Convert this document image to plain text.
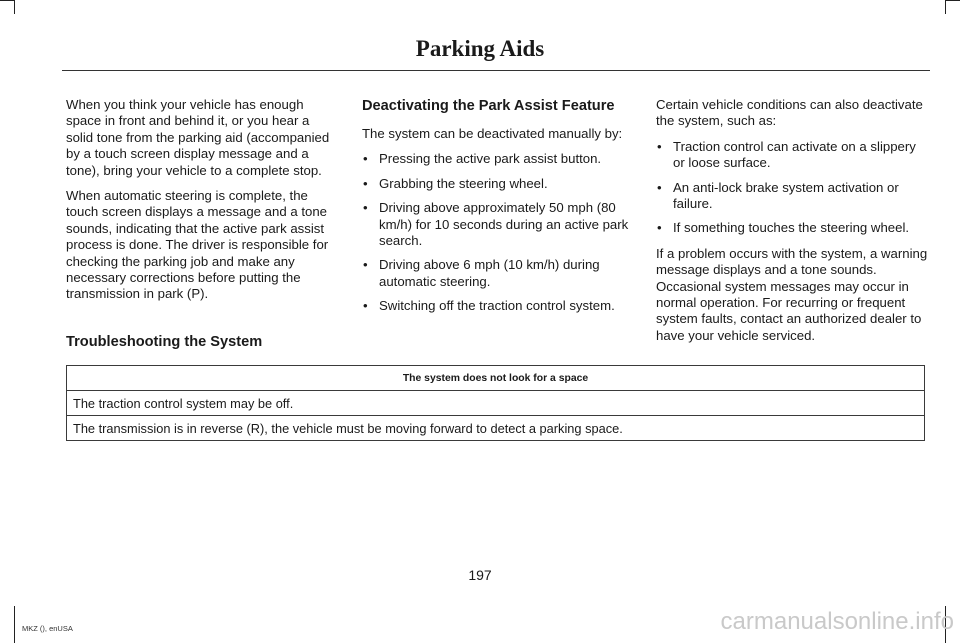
Parking Aids

When you think your vehicle has enough space in front and behind it, or you hear a solid tone from the parking aid (accompanied by a touch screen display message and a tone), bring your vehicle to a complete stop.

When automatic steering is complete, the touch screen displays a message and a tone sounds, indicating that the active park assist process is done. The driver is responsible for checking the parking job and make any necessary corrections before putting the transmission in park (P).

Deactivating the Park Assist Feature

The system can be deactivated manually by:

• Pressing the active park assist button.
• Grabbing the steering wheel.
• Driving above approximately 50 mph (80 km/h) for 10 seconds during an active park search.
• Driving above 6 mph (10 km/h) during automatic steering.
• Switching off the traction control system.

Certain vehicle conditions can also deactivate the system, such as:

• Traction control can activate on a slippery or loose surface.
• An anti-lock brake system activation or failure.
• If something touches the steering wheel.

If a problem occurs with the system, a warning message displays and a tone sounds. Occasional system messages may occur in normal operation. For recurring or frequent system faults, contact an authorized dealer to have your vehicle serviced.

Troubleshooting the System
The system does not look for a space
The traction control system may be off.
The transmission is in reverse (R), the vehicle must be moving forward to detect a parking space.
197
MKZ (), enUSA	carmanualsonline.info
